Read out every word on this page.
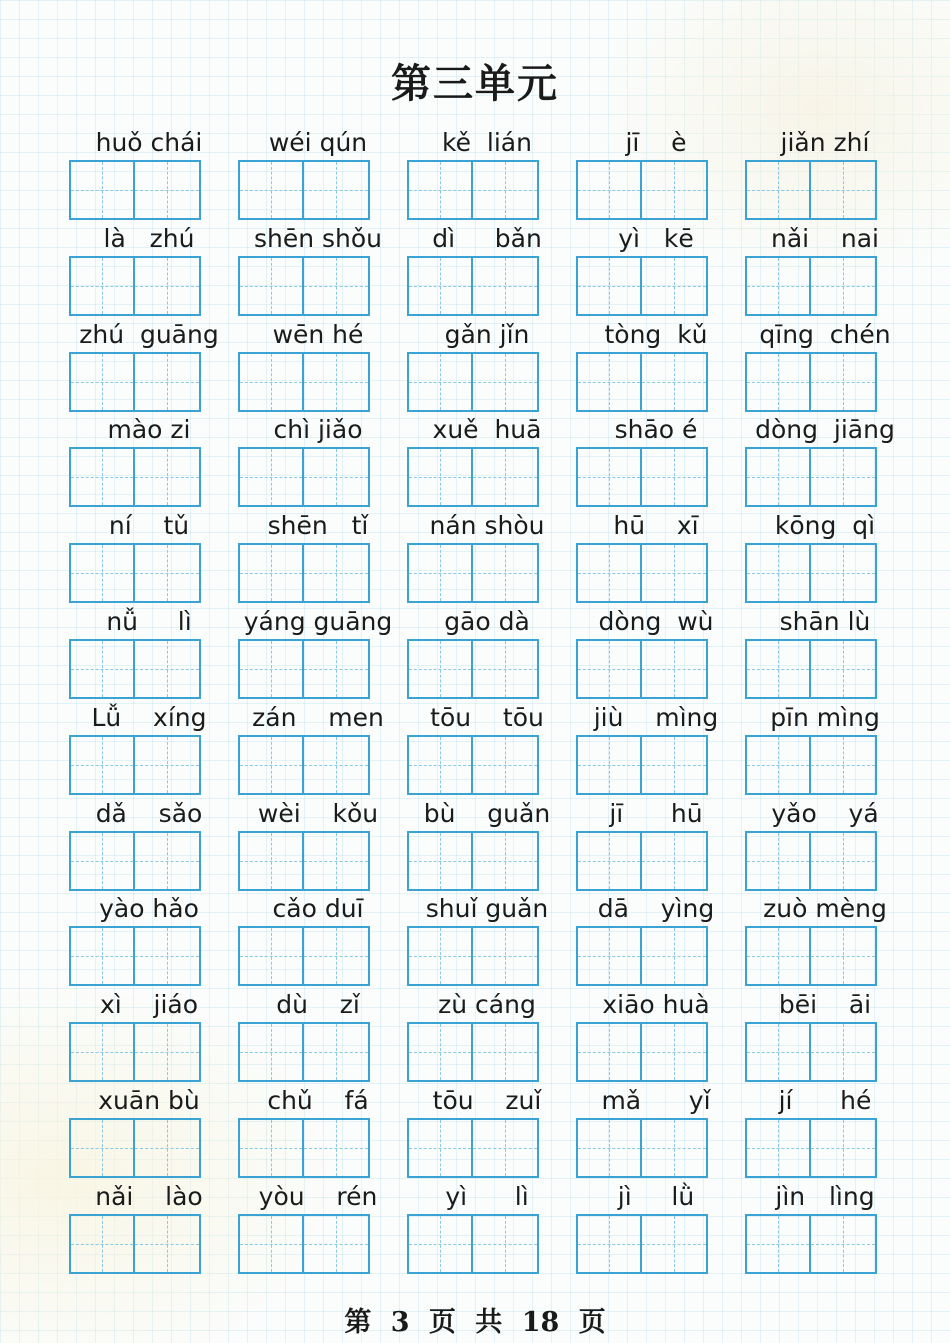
第三单元
huǒ chái	wéi qún	kě  lián	jī    è	jiǎn zhí
là   zhú	shēn shǒu	dì     bǎn	yì   kē	nǎi    nai
zhú  guāng	wēn hé	gǎn jǐn	tòng  kǔ	qīng  chén
mào zi	chì jiǎo	xuě  huā	shāo é	dòng  jiāng
ní    tǔ	shēn   tǐ	nán shòu	hū    xī	kōng  qì
nǚ     lì	yáng guāng	gāo dà	dòng  wù	shān lù
Lǚ    xíng	zán    men	tōu    tōu	jiù    mìng	pīn mìng
dǎ    sǎo	wèi    kǒu	bù    guǎn	jī      hū	yǎo    yá
yào hǎo	cǎo duī	shuǐ guǎn	dā    yìng	zuò mèng
xì    jiáo	dù    zǐ	zù cáng	xiāo huà	bēi    āi
xuān bù	chǔ    fá	tōu    zuǐ	mǎ      yǐ	jí      hé
nǎi    lào	yòu    rén	yì      lì	jì     lǜ	jìn   lìng

第 3 页 共 18 页
